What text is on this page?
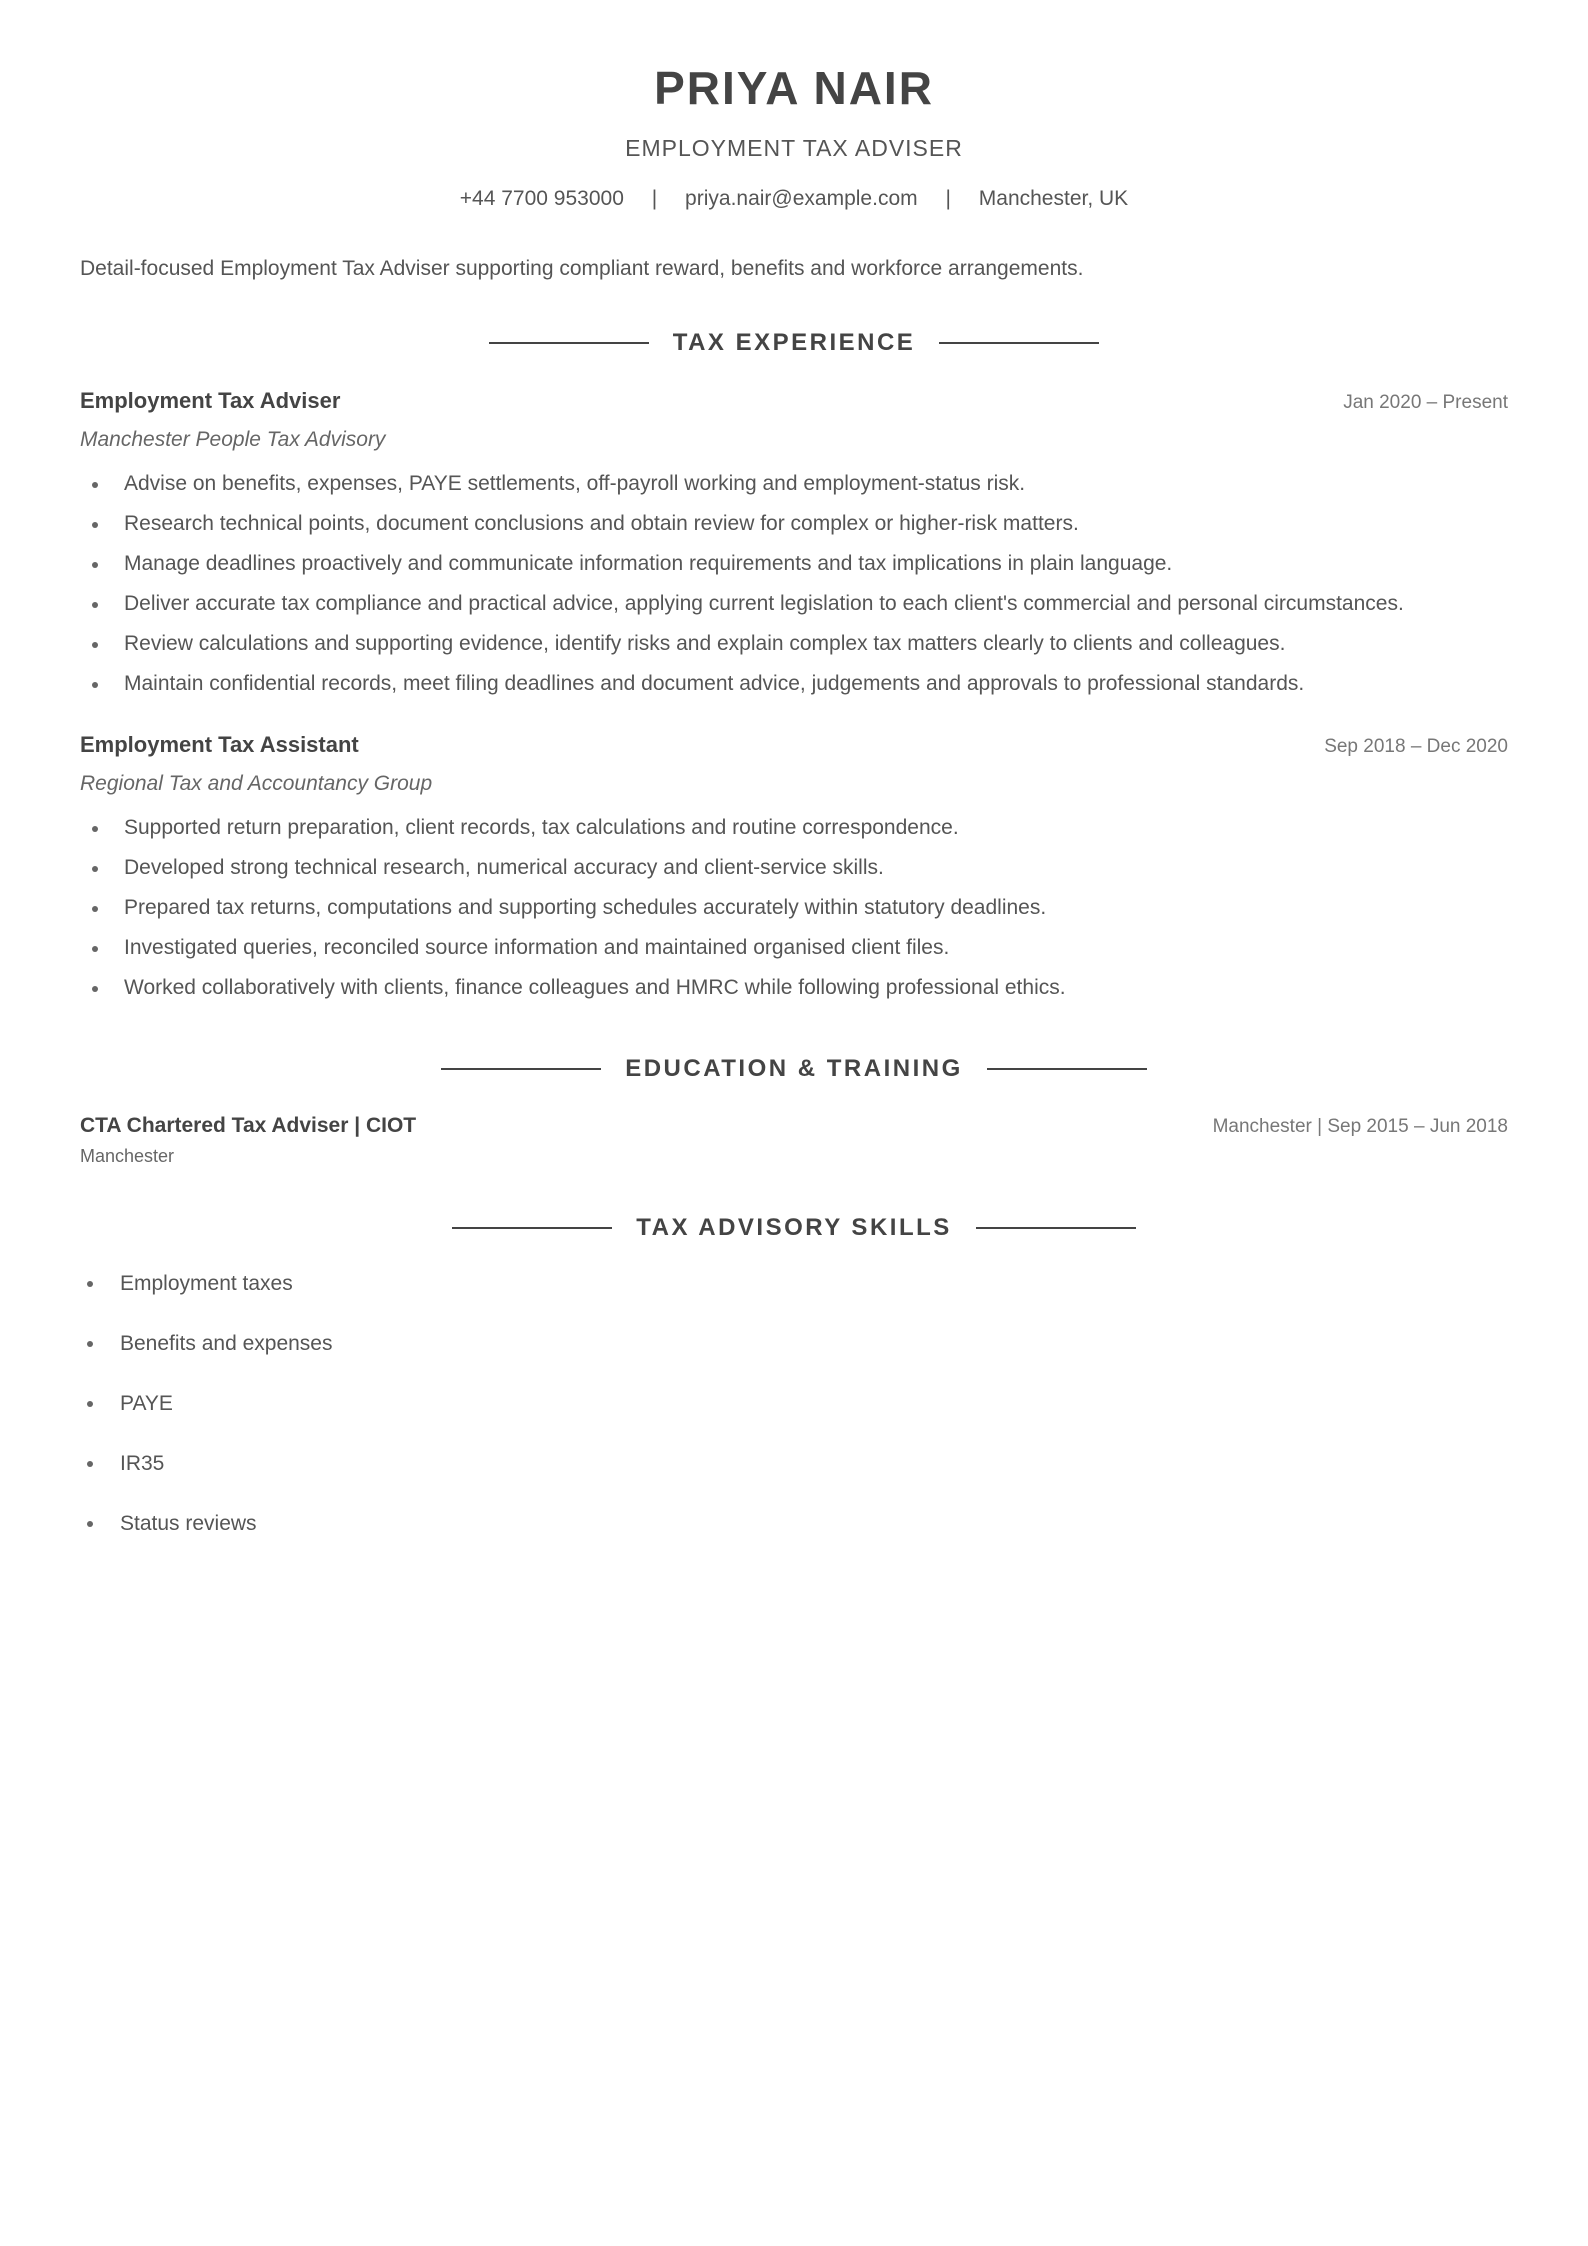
PRIYA NAIR
EMPLOYMENT TAX ADVISER
+44 7700 953000 | priya.nair@example.com | Manchester, UK
Detail-focused Employment Tax Adviser supporting compliant reward, benefits and workforce arrangements.
TAX EXPERIENCE
Employment Tax Adviser	Jan 2020 – Present
Manchester People Tax Advisory
Advise on benefits, expenses, PAYE settlements, off-payroll working and employment-status risk.
Research technical points, document conclusions and obtain review for complex or higher-risk matters.
Manage deadlines proactively and communicate information requirements and tax implications in plain language.
Deliver accurate tax compliance and practical advice, applying current legislation to each client's commercial and personal circumstances.
Review calculations and supporting evidence, identify risks and explain complex tax matters clearly to clients and colleagues.
Maintain confidential records, meet filing deadlines and document advice, judgements and approvals to professional standards.
Employment Tax Assistant	Sep 2018 – Dec 2020
Regional Tax and Accountancy Group
Supported return preparation, client records, tax calculations and routine correspondence.
Developed strong technical research, numerical accuracy and client-service skills.
Prepared tax returns, computations and supporting schedules accurately within statutory deadlines.
Investigated queries, reconciled source information and maintained organised client files.
Worked collaboratively with clients, finance colleagues and HMRC while following professional ethics.
EDUCATION & TRAINING
CTA Chartered Tax Adviser | CIOT	Manchester | Sep 2015 – Jun 2018
Manchester
TAX ADVISORY SKILLS
Employment taxes
Benefits and expenses
PAYE
IR35
Status reviews
